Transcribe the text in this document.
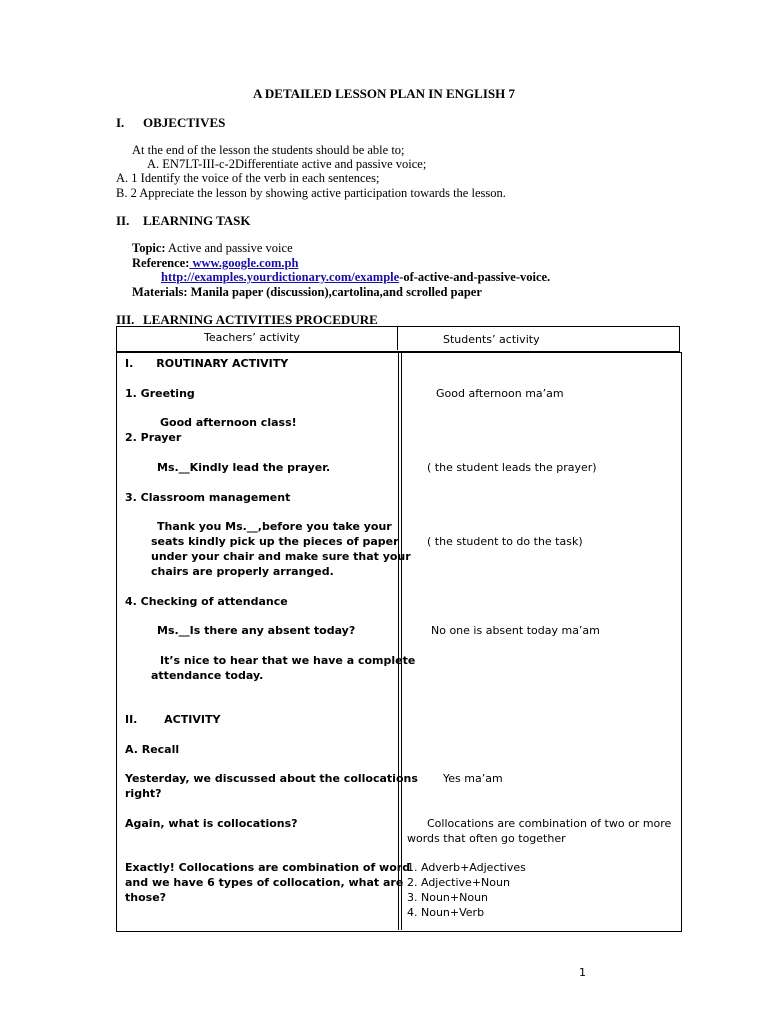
A DETAILED LESSON PLAN IN ENGLISH 7
I. OBJECTIVES
At the end of the lesson the students should be able to;
A. EN7LT-III-c-2Differentiate active and passive voice;
A. 1 Identify the voice of the verb in each sentences;
B. 2 Appreciate the lesson by showing active participation towards the lesson.
II. LEARNING TASK
Topic: Active and passive voice
Reference: www.google.com.ph
http://examples.yourdictionary.com/example-of-active-and-passive-voice.
Materials: Manila paper (discussion),cartolina,and scrolled paper
III. LEARNING ACTIVITIES PROCEDURE
Teachers’ activity	Students’ activity
I.      ROUTINARY ACTIVITY
1. Greeting
Good afternoon class!
2. Prayer
Ms.__Kindly lead the prayer.
3. Classroom management
Thank you Ms.__,before you take your
seats kindly pick up the pieces of paper
under your chair and make sure that your
chairs are properly arranged.
4. Checking of attendance
Ms.__Is there any absent today?
It’s nice to hear that we have a complete
attendance today.
II.       ACTIVITY
A. Recall
Yesterday, we discussed about the collocations
right?
Again, what is collocations?
Exactly! Collocations are combination of word
and we have 6 types of collocation, what are
those?
Good afternoon ma’am
( the student leads the prayer)
( the student to do the task)
No one is absent today ma’am
Yes ma’am
Collocations are combination of two or more
words that often go together
1. Adverb+Adjectives
2. Adjective+Noun
3. Noun+Noun
4. Noun+Verb
1
